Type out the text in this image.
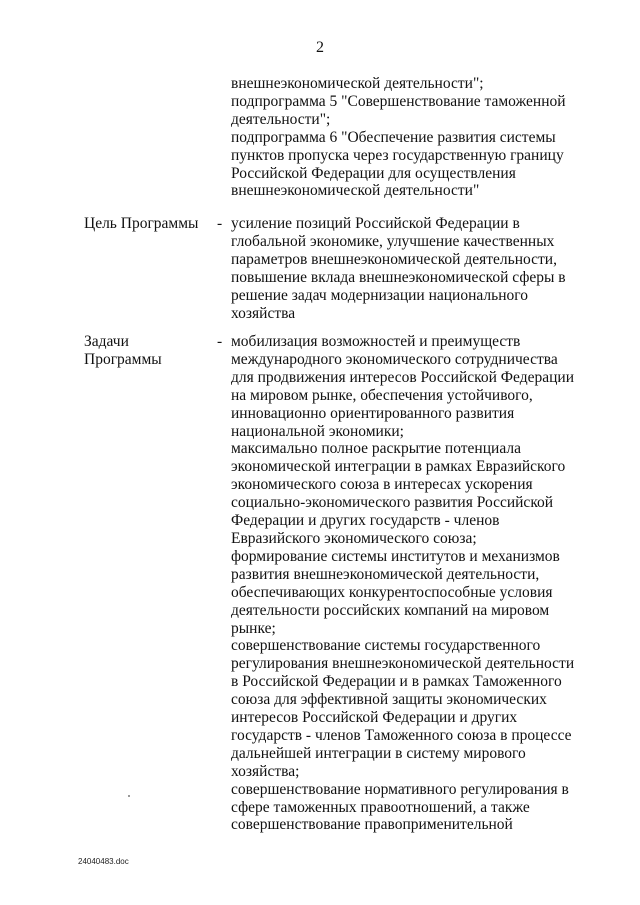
2
внешнеэкономической деятельности";
подпрограмма 5 "Совершенствование таможенной
деятельности";
подпрограмма 6 "Обеспечение развития системы
пунктов пропуска через государственную границу
Российской Федерации для осуществления
внешнеэкономической деятельности"
Цель Программы	- усиление позиций Российской Федерации в
глобальной экономике, улучшение качественных
параметров внешнеэкономической деятельности,
повышение вклада внешнеэкономической сферы в
решение задач модернизации национального
хозяйства
Задачи
Программы
- мобилизация возможностей и преимуществ
международного экономического сотрудничества
для продвижения интересов Российской Федерации
на мировом рынке, обеспечения устойчивого,
инновационно ориентированного развития
национальной экономики;
максимально полное раскрытие потенциала
экономической интеграции в рамках Евразийского
экономического союза в интересах ускорения
социально-экономического развития Российской
Федерации и других государств - членов
Евразийского экономического союза;
формирование системы институтов и механизмов
развития внешнеэкономической деятельности,
обеспечивающих конкурентоспособные условия
деятельности российских компаний на мировом
рынке;
совершенствование системы государственного
регулирования внешнеэкономической деятельности
в Российской Федерации и в рамках Таможенного
союза для эффективной защиты экономических
интересов Российской Федерации и других
государств - членов Таможенного союза в процессе
дальнейшей интеграции в систему мирового
хозяйства;
совершенствование нормативного регулирования в
сфере таможенных правоотношений, а также
совершенствование правоприменительной
24040483.doc
